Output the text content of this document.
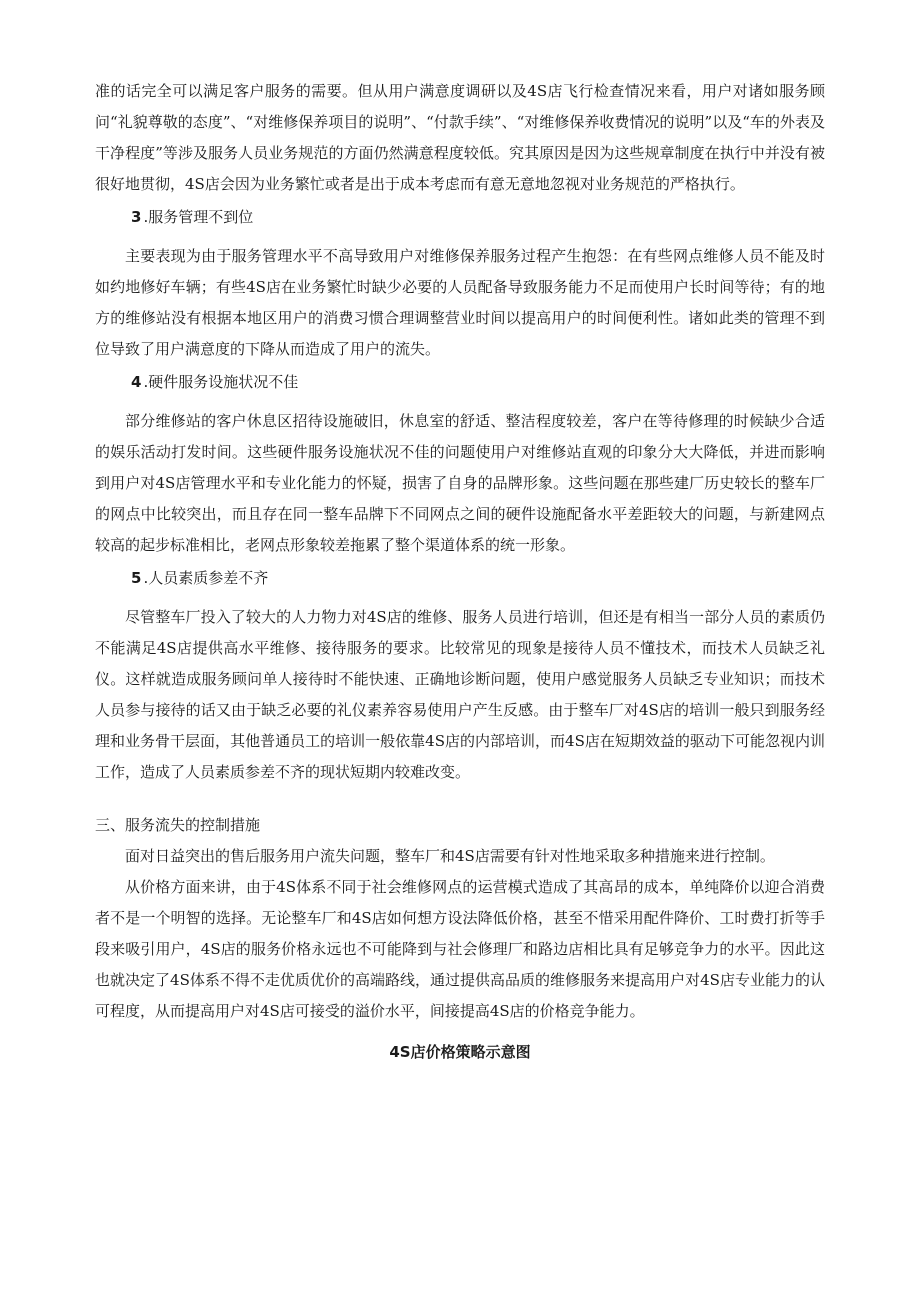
准的话完全可以满足客户服务的需要。但从用户满意度调研以及4S店飞行检查情况来看，用户对诸如服务顾问“礼貌尊敬的态度”、“对维修保养项目的说明”、“付款手续”、“对维修保养收费情况的说明”以及“车的外表及干净程度”等涉及服务人员业务规范的方面仍然满意程度较低。究其原因是因为这些规章制度在执行中并没有被很好地贯彻，4S店会因为业务繁忙或者是出于成本考虑而有意无意地忽视对业务规范的严格执行。

3 .服务管理不到位

主要表现为由于服务管理水平不高导致用户对维修保养服务过程产生抱怨：在有些网点维修人员不能及时如约地修好车辆；有些4S店在业务繁忙时缺少必要的人员配备导致服务能力不足而使用户长时间等待；有的地方的维修站没有根据本地区用户的消费习惯合理调整营业时间以提高用户的时间便利性。诸如此类的管理不到位导致了用户满意度的下降从而造成了用户的流失。

4 .硬件服务设施状况不佳

部分维修站的客户休息区招待设施破旧，休息室的舒适、整洁程度较差，客户在等待修理的时候缺少合适的娱乐活动打发时间。这些硬件服务设施状况不佳的问题使用户对维修站直观的印象分大大降低，并进而影响到用户对4S店管理水平和专业化能力的怀疑，损害了自身的品牌形象。这些问题在那些建厂历史较长的整车厂的网点中比较突出，而且存在同一整车品牌下不同网点之间的硬件设施配备水平差距较大的问题，与新建网点较高的起步标准相比，老网点形象较差拖累了整个渠道体系的统一形象。

5 .人员素质参差不齐

尽管整车厂投入了较大的人力物力对4S店的维修、服务人员进行培训，但还是有相当一部分人员的素质仍不能满足4S店提供高水平维修、接待服务的要求。比较常见的现象是接待人员不懂技术，而技术人员缺乏礼仪。这样就造成服务顾问单人接待时不能快速、正确地诊断问题，使用户感觉服务人员缺乏专业知识；而技术人员参与接待的话又由于缺乏必要的礼仪素养容易使用户产生反感。由于整车厂对4S店的培训一般只到服务经理和业务骨干层面，其他普通员工的培训一般依靠4S店的内部培训，而4S店在短期效益的驱动下可能忽视内训工作，造成了人员素质参差不齐的现状短期内较难改变。

三、服务流失的控制措施

面对日益突出的售后服务用户流失问题，整车厂和4S店需要有针对性地采取多种措施来进行控制。

从价格方面来讲，由于4S体系不同于社会维修网点的运营模式造成了其高昂的成本，单纯降价以迎合消费者不是一个明智的选择。无论整车厂和4S店如何想方设法降低价格，甚至不惜采用配件降价、工时费打折等手段来吸引用户，4S店的服务价格永远也不可能降到与社会修理厂和路边店相比具有足够竞争力的水平。因此这也就决定了4S体系不得不走优质优价的高端路线，通过提供高品质的维修服务来提高用户对4S店专业能力的认可程度，从而提高用户对4S店可接受的溢价水平，间接提高4S店的价格竞争能力。

4S店价格策略示意图
